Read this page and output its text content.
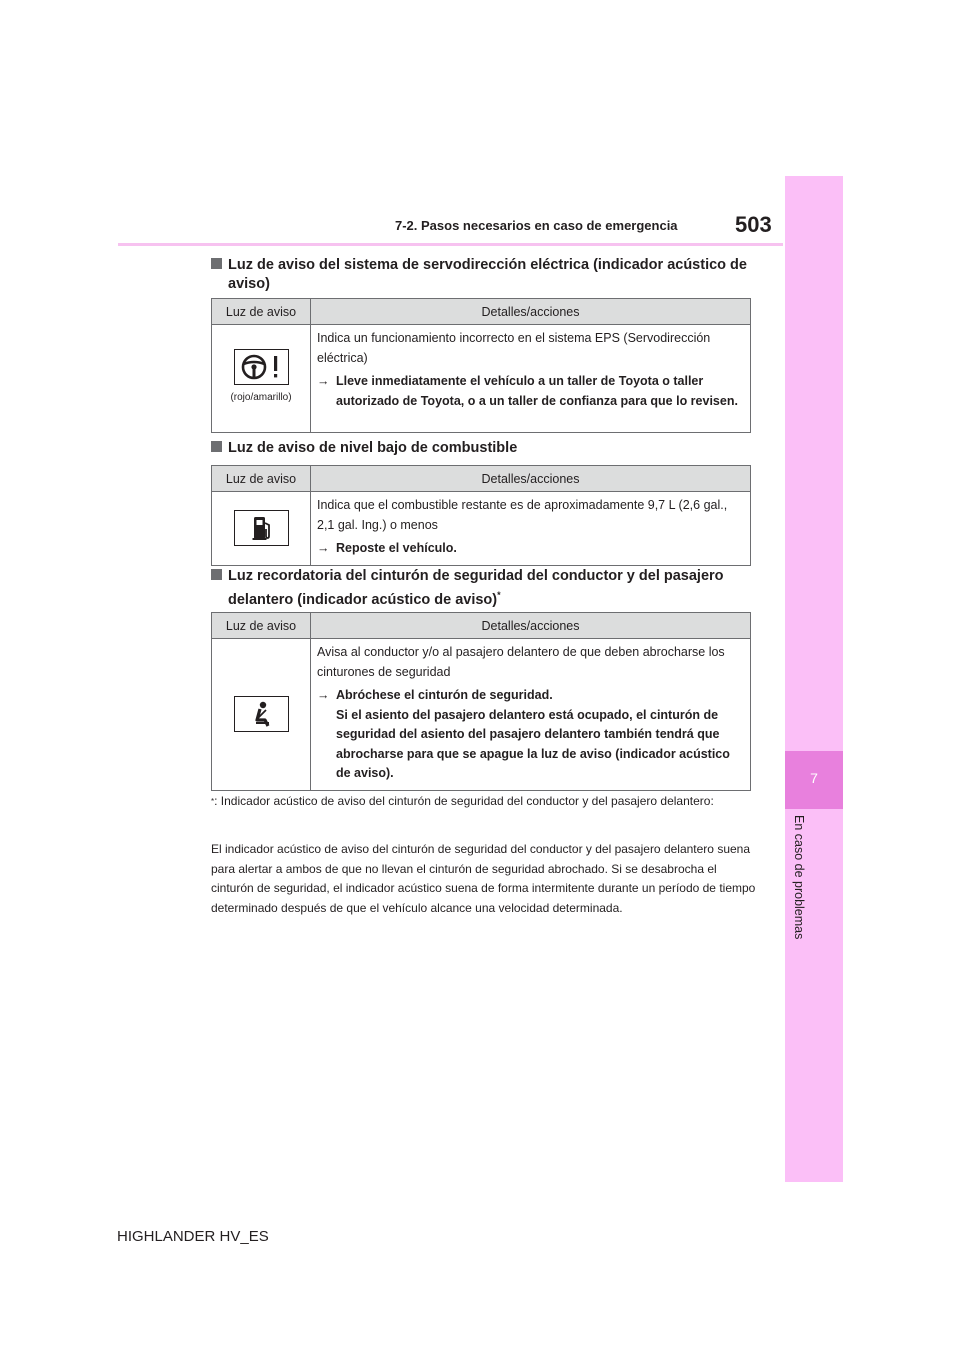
7
En caso de problemas
7-2. Pasos necesarios en caso de emergencia	503
Luz de aviso del sistema de servodirección eléctrica (indicador acústico de
aviso)
Luz de aviso	Detalles/acciones

(rojo/amarillo)	Indica un funcionamiento incorrecto en el sistema EPS (Servodirección eléctrica)
→ Lleve inmediatamente el vehículo a un taller de Toyota o taller autorizado de Toyota, o a un taller de confianza para que lo revisen.
Luz de aviso de nivel bajo de combustible
Luz de aviso	Detalles/acciones
	Indica que el combustible restante es de aproximadamente 9,7 L (2,6 gal., 2,1 gal. Ing.) o menos
→ Reposte el vehículo.
Luz recordatoria del cinturón de seguridad del conductor y del pasajero
delantero (indicador acústico de aviso)*
Luz de aviso	Detalles/acciones
	Avisa al conductor y/o al pasajero delantero de que deben abrocharse los cinturones de seguridad
→ Abróchese el cinturón de seguridad.
Si el asiento del pasajero delantero está ocupado, el cinturón de seguridad del asiento del pasajero delantero también tendrá que abrocharse para que se apague la luz de aviso (indicador acústico de aviso).
*: Indicador acústico de aviso del cinturón de seguridad del conductor y del pasajero delantero:
El indicador acústico de aviso del cinturón de seguridad del conductor y del pasajero delantero suena para alertar a ambos de que no llevan el cinturón de seguridad abrochado. Si se desabrocha el cinturón de seguridad, el indicador acústico suena de forma intermitente durante un período de tiempo determinado después de que el vehículo alcance una velocidad determinada.
HIGHLANDER HV_ES
